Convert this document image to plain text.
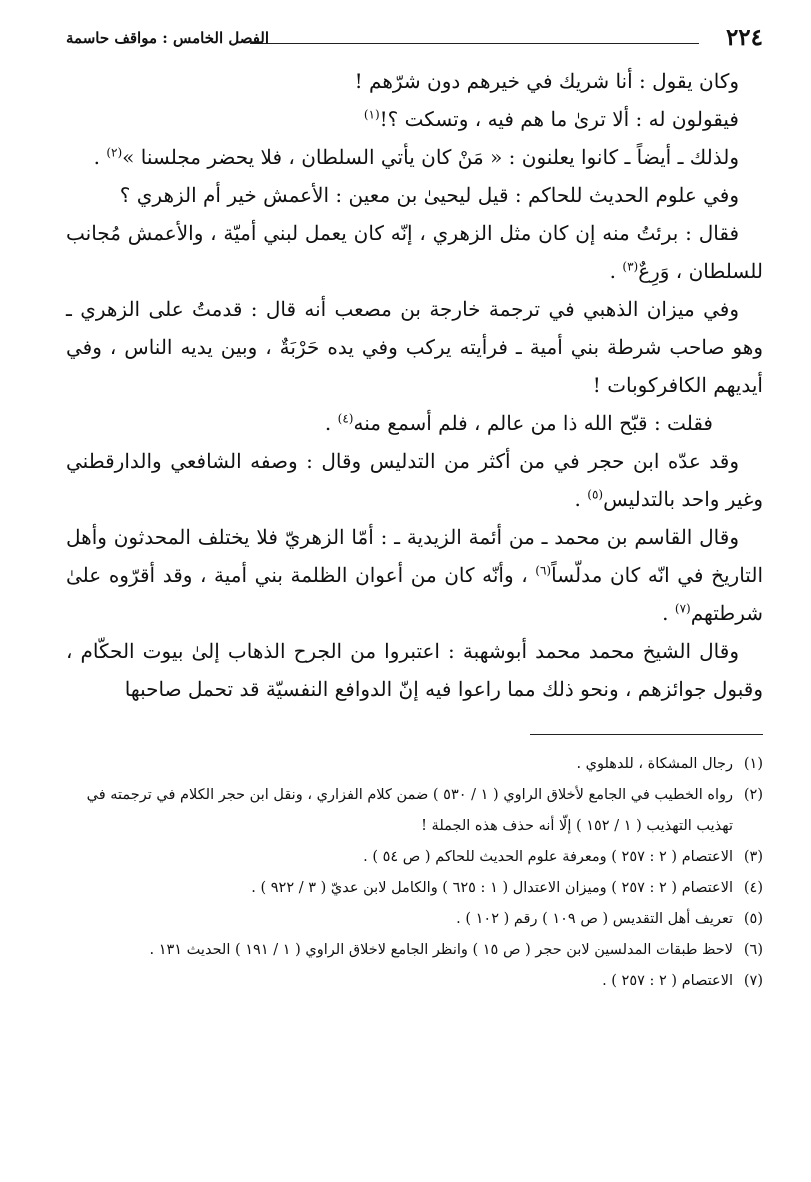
٢٢٤
الفصل الخامس : مواقف حاسمة

وكان يقول : أنا شريك في خيرهم دون شرّهم !

فيقولون له : ألا ترىٰ ما هم فيه ، وتسكت ؟!$^{(١)}$

ولذلك ـ أيضاً ـ كانوا يعلنون : « مَنْ كان يأتي السلطان ، فلا يحضر مجلسنا »$^{(٢)}$ .

وفي علوم الحديث للحاكم : قيل ليحيىٰ بن معين : الأعمش خير أم الزهري ؟

فقال : برئتُ منه إن كان مثل الزهري ، إنّه كان يعمل لبني أميّة ، والأعمش مُجانب للسلطان ، وَرِعٌ$^{(٣)}$ .

وفي ميزان الذهبي في ترجمة خارجة بن مصعب أنه قال : قدمتُ على الزهري ـ وهو صاحب شرطة بني أمية ـ فرأيته يركب وفي يده حَرْبَةٌ ، وبين يديه الناس ، وفي أيديهم الكافركوبات !

فقلت : قبّح الله ذا من عالم ، فلم أسمع منه$^{(٤)}$ .

وقد عدّه ابن حجر في من أكثر من التدليس وقال : وصفه الشافعي والدارقطني وغير واحد بالتدليس$^{(٥)}$ .

وقال القاسم بن محمد ـ من أئمة الزيدية ـ : أمّا الزهريّ فلا يختلف المحدثون وأهل التاريخ في انّه كان مدلّساً$^{(٦)}$ ، وأنّه كان من أعوان الظلمة بني أمية ، وقد أقرّوه علىٰ شرطتهم$^{(٧)}$ .

وقال الشيخ محمد محمد أبوشهبة : اعتبروا من الجرح الذهاب إلىٰ بيوت الحكّام ، وقبول جوائزهم ، ونحو ذلك مما راعوا فيه إنّ الدوافع النفسيّة قد تحمل صاحبها

(١)رجال المشكاة ، للدهلوي .

(٢)رواه الخطيب في الجامع لأخلاق الراوي ( ١ / ٥٣٠ ) ضمن كلام الفزاري ، ونقل ابن حجر الكلام في ترجمته في تهذيب التهذيب ( ١ / ١٥٢ ) إلّا أنه حذف هذه الجملة !

(٣)الاعتصام ( ٢ : ٢٥٧ ) ومعرفة علوم الحديث للحاكم ( ص ٥٤ ) .

(٤)الاعتصام ( ٢ : ٢٥٧ ) وميزان الاعتدال ( ١ : ٦٢٥ ) والكامل لابن عديّ ( ٣ / ٩٢٢ ) .

(٥)تعريف أهل التقديس ( ص ١٠٩ ) رقم ( ١٠٢ ) .

(٦)لاحظ طبقات المدلسين لابن حجر ( ص ١٥ ) وانظر الجامع لاخلاق الراوي ( ١ / ١٩١ ) الحديث ١٣١ .

(٧)الاعتصام ( ٢ : ٢٥٧ ) .
